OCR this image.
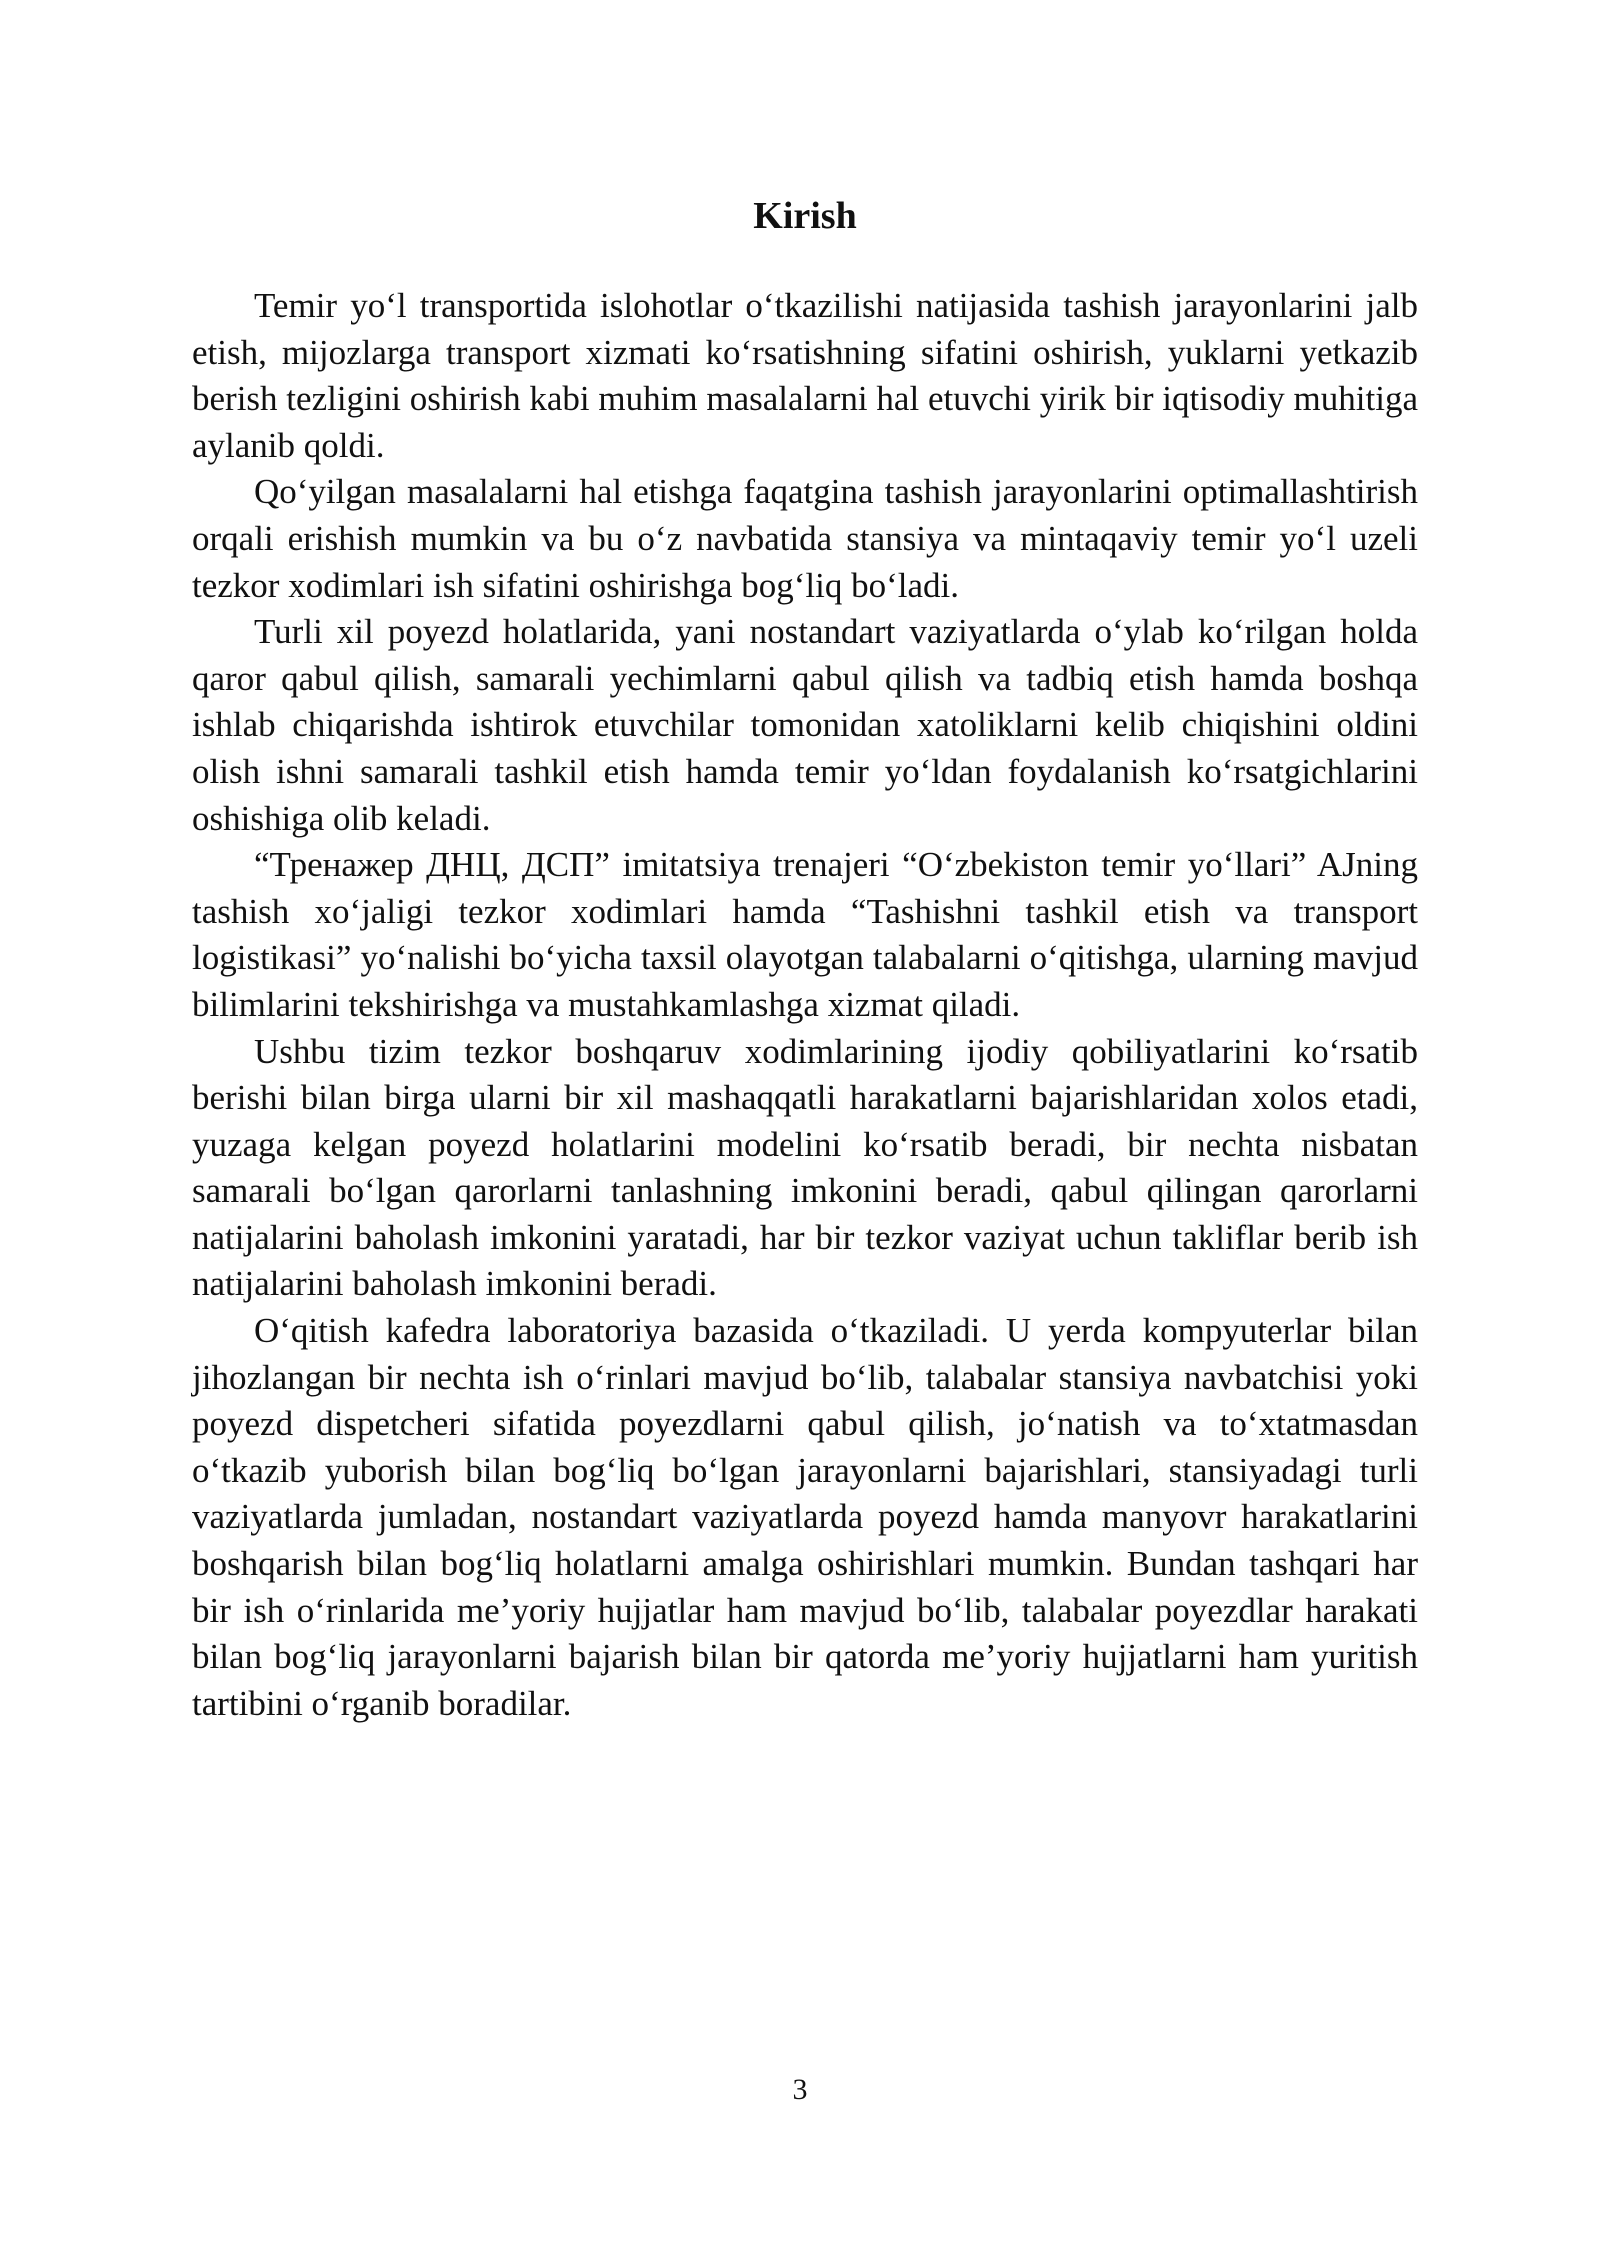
Kirish

Temir yo‘l transportida islohotlar o‘tkazilishi natijasida tashish jarayonlarini jalb etish, mijozlarga transport xizmati ko‘rsatishning sifatini oshirish, yuklarni yetkazib berish tezligini oshirish kabi muhim masalalarni hal etuvchi yirik bir iqtisodiy muhitiga aylanib qoldi.

Qo‘yilgan masalalarni hal etishga faqatgina tashish jarayonlarini optimallashtirish orqali erishish mumkin va bu o‘z navbatida stansiya va mintaqaviy temir yo‘l uzeli tezkor xodimlari ish sifatini oshirishga bog‘liq bo‘ladi.

Turli xil poyezd holatlarida, yani nostandart vaziyatlarda o‘ylab ko‘rilgan holda qaror qabul qilish, samarali yechimlarni qabul qilish va tadbiq etish hamda boshqa ishlab chiqarishda ishtirok etuvchilar tomonidan xatoliklarni kelib chiqishini oldini olish ishni samarali tashkil etish hamda temir yo‘ldan foydalanish ko‘rsatgichlarini oshishiga olib keladi.

“Тренажер ДНЦ, ДСП” imitatsiya trenajeri “O‘zbekiston temir yo‘llari” AJning tashish xo‘jaligi tezkor xodimlari hamda “Tashishni tashkil etish va transport logistikasi” yo‘nalishi bo‘yicha taxsil olayotgan talabalarni o‘qitishga, ularning mavjud bilimlarini tekshirishga va mustahkamlashga xizmat qiladi.

Ushbu tizim tezkor boshqaruv xodimlarining ijodiy qobiliyatlarini ko‘rsatib berishi bilan birga ularni bir xil mashaqqatli harakatlarni bajarishlaridan xolos etadi, yuzaga kelgan poyezd holatlarini modelini ko‘rsatib beradi, bir nechta nisbatan samarali bo‘lgan qarorlarni tanlashning imkonini beradi, qabul qilingan qarorlarni natijalarini baholash imkonini yaratadi, har bir tezkor vaziyat uchun takliflar berib ish natijalarini baholash imkonini beradi.

O‘qitish kafedra laboratoriya bazasida o‘tkaziladi. U yerda kompyuterlar bilan jihozlangan bir nechta ish o‘rinlari mavjud bo‘lib, talabalar stansiya navbatchisi yoki poyezd dispetcheri sifatida poyezdlarni qabul qilish, jo‘natish va to‘xtatmasdan o‘tkazib yuborish bilan bog‘liq bo‘lgan jarayonlarni bajarishlari, stansiyadagi turli vaziyatlarda jumladan, nostandart vaziyatlarda poyezd hamda manyovr harakatlarini boshqarish bilan bog‘liq holatlarni amalga oshirishlari mumkin. Bundan tashqari har bir ish o‘rinlarida me’yoriy hujjatlar ham mavjud bo‘lib, talabalar poyezdlar harakati bilan bog‘liq jarayonlarni bajarish bilan bir qatorda me’yoriy hujjatlarni ham yuritish tartibini o‘rganib boradilar.

3
